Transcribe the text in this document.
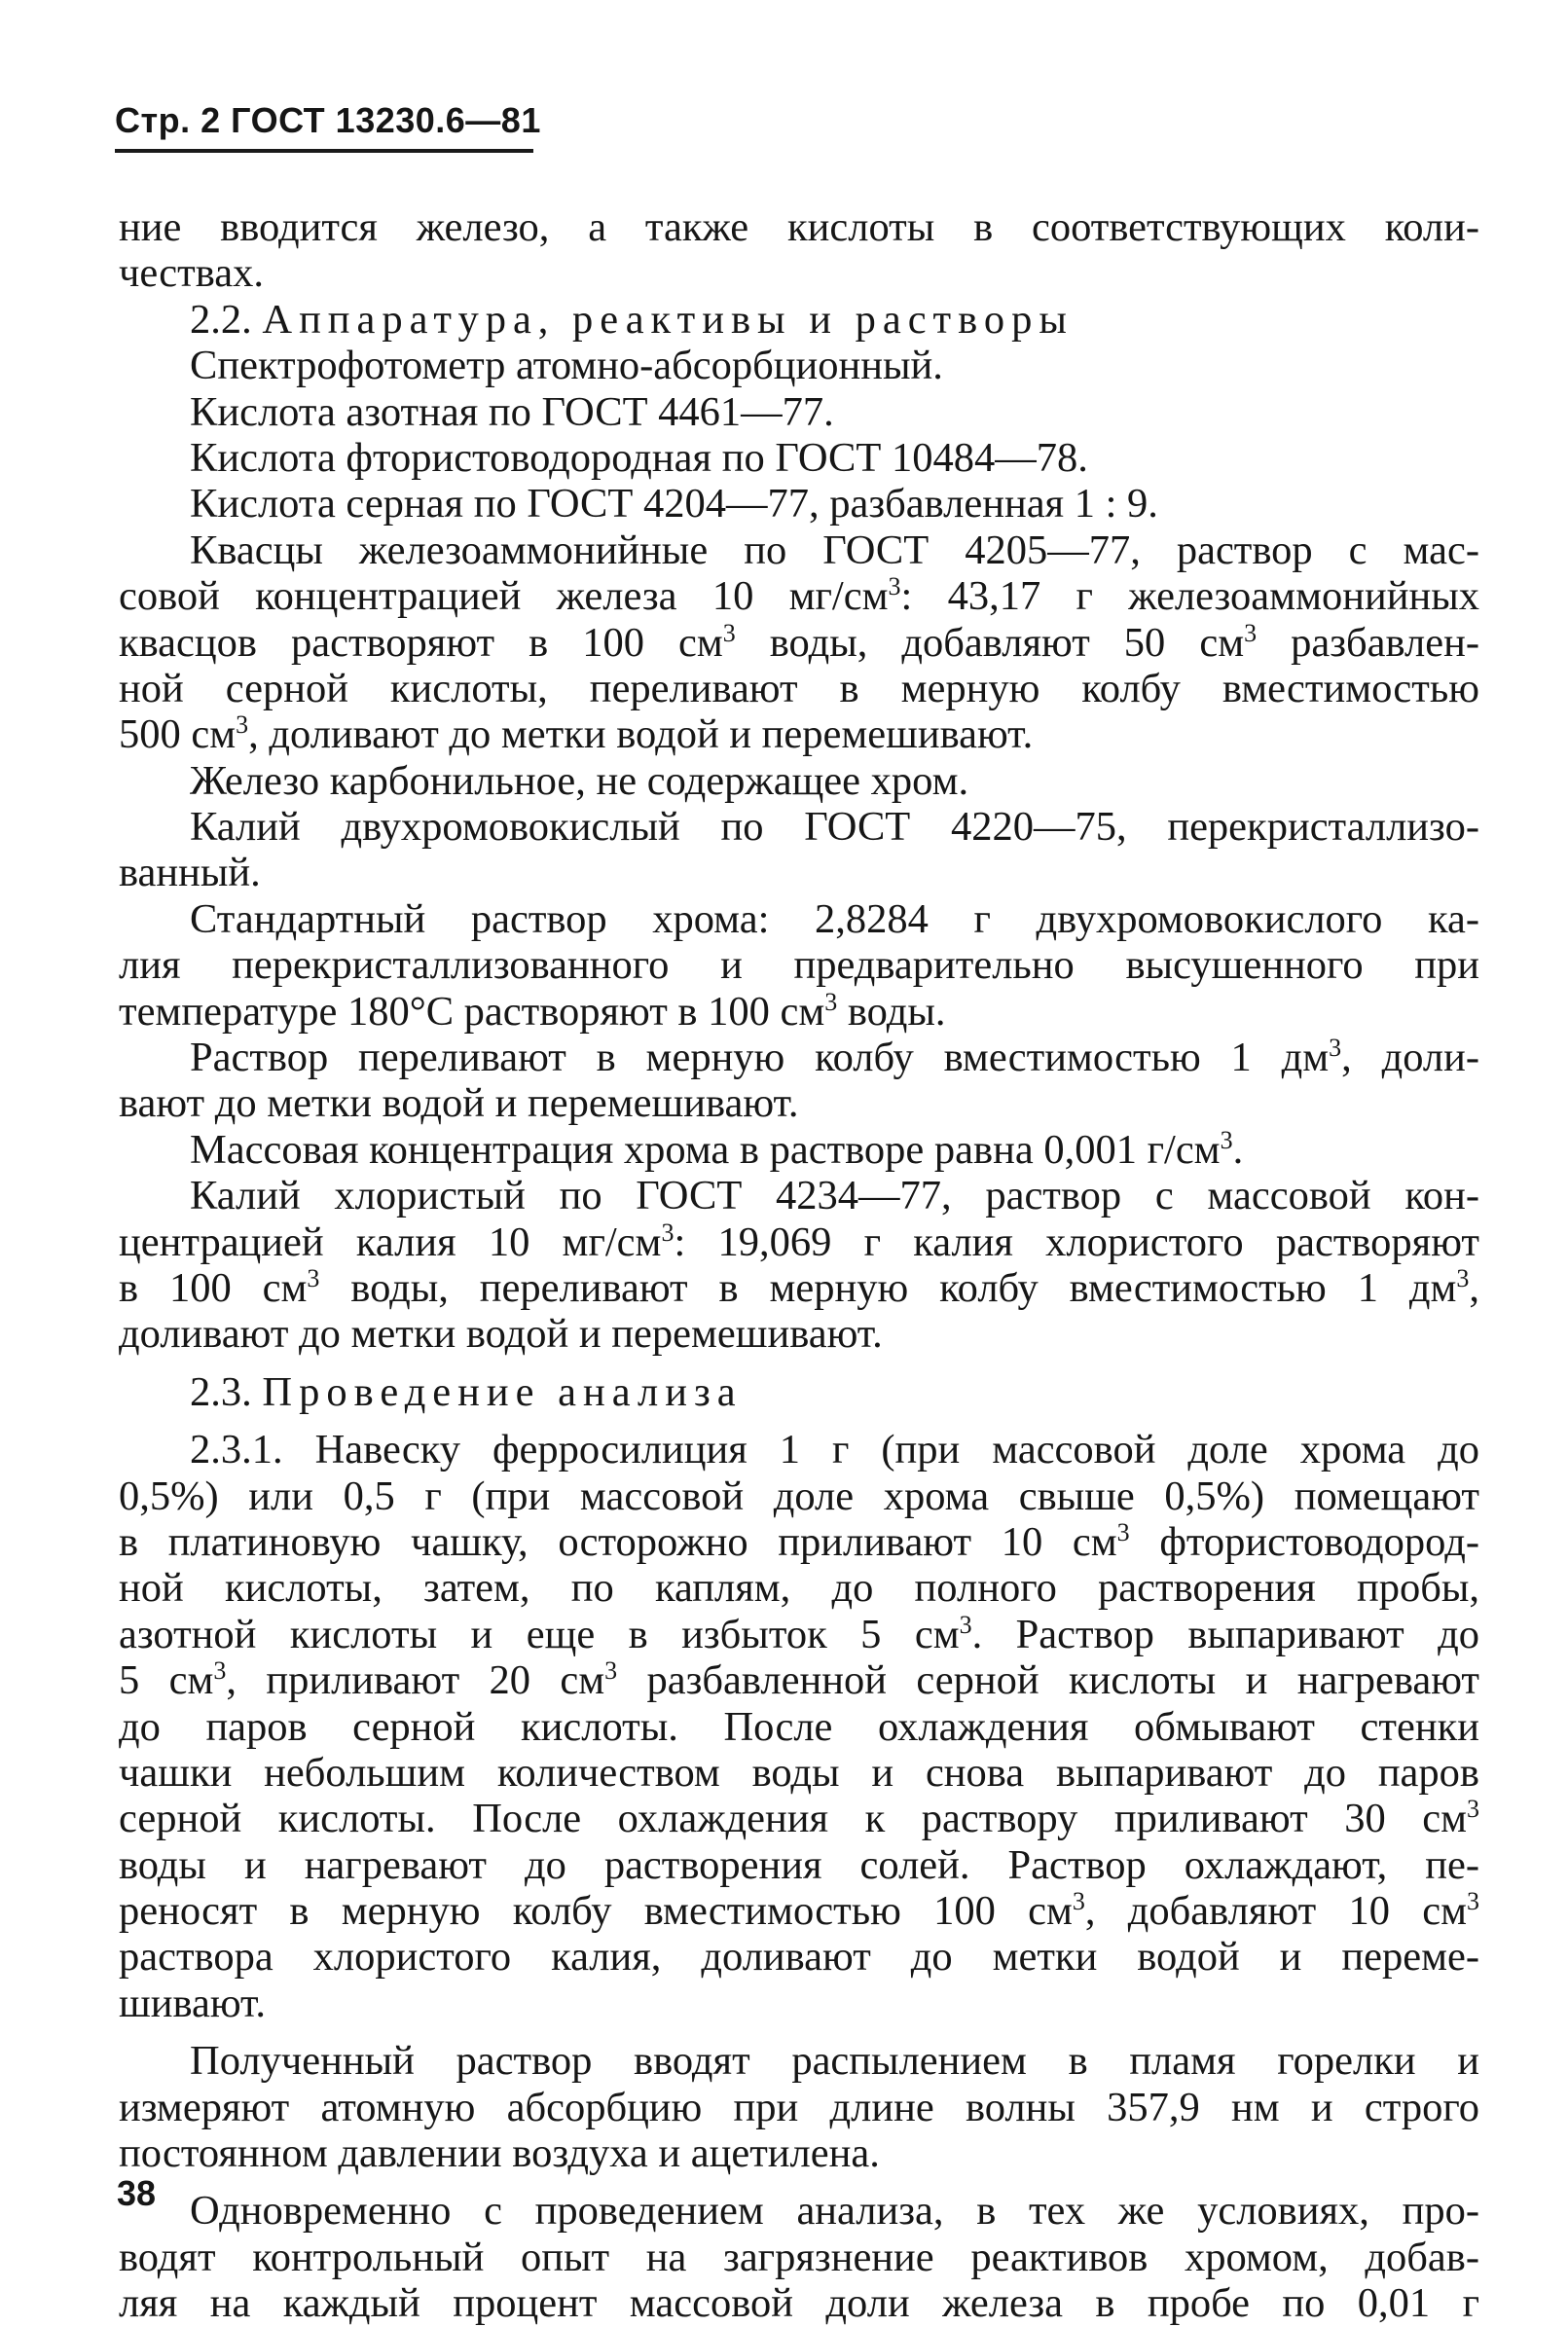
Стр. 2 ГОСТ 13230.6—81
ние вводится железо, а также кислоты в соответствующих коли-
чествах.
2.2. Аппаратура, реактивы и растворы
Спектрофотометр атомно-абсорбционный.
Кислота азотная по ГОСТ 4461—77.
Кислота фтористоводородная по ГОСТ 10484—78.
Кислота серная по ГОСТ 4204—77, разбавленная 1 : 9.
Квасцы железоаммонийные по ГОСТ 4205—77, раствор с мас-
совой концентрацией железа 10 $мг/см^3$: 43,17 г железоаммонийных
квасцов растворяют в 100 $см^3$ воды, добавляют 50 $см^3$ разбавлен-
ной серной кислоты, переливают в мерную колбу вместимостью
500 $см^3$, доливают до метки водой и перемешивают.
Железо карбонильное, не содержащее хром.
Калий двухромовокислый по ГОСТ 4220—75, перекристаллизо-
ванный.
Стандартный раствор хрома: 2,8284 г двухромовокислого ка-
лия перекристаллизованного и предварительно высушенного при
температуре 180°С растворяют в 100 $см^3$ воды.
Раствор переливают в мерную колбу вместимостью 1 $дм^3$, доли-
вают до метки водой и перемешивают.
Массовая концентрация хрома в растворе равна 0,001 $г/см^3$.
Калий хлористый по ГОСТ 4234—77, раствор с массовой кон-
центрацией калия 10 $мг/см^3$: 19,069 г калия хлористого растворяют
в 100 $см^3$ воды, переливают в мерную колбу вместимостью 1 $дм^3$,
доливают до метки водой и перемешивают.
2.3. Проведение анализа
2.3.1. Навеску ферросилиция 1 г (при массовой доле хрома до
0,5%) или 0,5 г (при массовой доле хрома свыше 0,5%) помещают
в платиновую чашку, осторожно приливают 10 $см^3$ фтористоводород-
ной кислоты, затем, по каплям, до полного растворения пробы,
азотной кислоты и еще в избыток 5 $см^3$. Раствор выпаривают до
5 $см^3$, приливают 20 $см^3$ разбавленной серной кислоты и нагревают
до паров серной кислоты. После охлаждения обмывают стенки
чашки небольшим количеством воды и снова выпаривают до паров
серной кислоты. После охлаждения к раствору приливают 30 $см^3$
воды и нагревают до растворения солей. Раствор охлаждают, пе-
реносят в мерную колбу вместимостью 100 $см^3$, добавляют 10 $см^3$
раствора хлористого калия, доливают до метки водой и переме-
шивают.
Полученный раствор вводят распылением в пламя горелки и
измеряют атомную абсорбцию при длине волны 357,9 нм и строго
постоянном давлении воздуха и ацетилена.
Одновременно с проведением анализа, в тех же условиях, про-
водят контрольный опыт на загрязнение реактивов хромом, добав-
ляя на каждый процент массовой доли железа в пробе по 0,01 г
38
